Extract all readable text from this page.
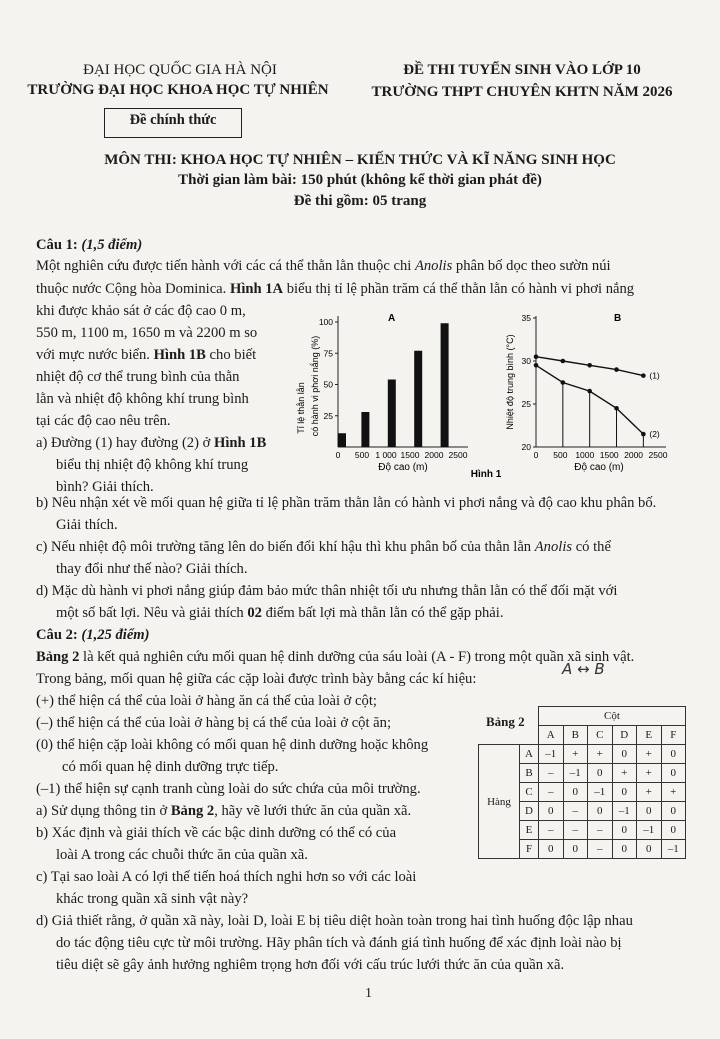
ĐẠI HỌC QUỐC GIA HÀ NỘI
TRƯỜNG ĐẠI HỌC KHOA HỌC TỰ NHIÊN
Đề chính thức
ĐỀ THI TUYỂN SINH VÀO LỚP 10
TRƯỜNG THPT CHUYÊN KHTN NĂM 2026
MÔN THI: KHOA HỌC TỰ NHIÊN – KIẾN THỨC VÀ KĨ NĂNG SINH HỌC
Thời gian làm bài: 150 phút (không kể thời gian phát đề)
Đề thi gồm: 05 trang
Câu 1: (1,5 điểm)
Một nghiên cứu được tiến hành với các cá thể thằn lằn thuộc chi Anolis phân bố dọc theo sườn núi
thuộc nước Cộng hòa Dominica. Hình 1A biểu thị tỉ lệ phần trăm cá thể thằn lằn có hành vi phơi nắng
khi được khảo sát ở các độ cao 0 m,
550 m, 1100 m, 1650 m và 2200 m so
với mực nước biển. Hình 1B cho biết
nhiệt độ cơ thể trung bình của thằn
lằn và nhiệt độ không khí trung bình
tại các độ cao nêu trên.
a) Đường (1) hay đường (2) ở Hình 1B
biểu thị nhiệt độ không khí trung
bình? Giải thích.
A
Tỉ lệ thằn lằn có hành vi phơi nắng (%)
Độ cao (m)
25
50
75
100
0 500 1 000 1500 2000 2500
B
Nhiệt độ trung bình (°C)
Độ cao (m)
20
25
30
35
0 500 1000 1500 2000 2500
(1)
(2)
Hình 1
b) Nêu nhận xét về mối quan hệ giữa tỉ lệ phần trăm thằn lằn có hành vi phơi nắng và độ cao khu phân bố.
Giải thích.
c) Nếu nhiệt độ môi trường tăng lên do biến đổi khí hậu thì khu phân bố của thằn lằn Anolis có thể
thay đổi như thế nào? Giải thích.
d) Mặc dù hành vi phơi nắng giúp đảm bảo mức thân nhiệt tối ưu nhưng thằn lằn có thể đối mặt với
một số bất lợi. Nêu và giải thích 02 điểm bất lợi mà thằn lằn có thể gặp phải.
Câu 2: (1,25 điểm)
Bảng 2 là kết quả nghiên cứu mối quan hệ dinh dưỡng của sáu loài (A - F) trong một quần xã sinh vật.
Trong bảng, mối quan hệ giữa các cặp loài được trình bày bằng các kí hiệu:
A ↔ B
(+) thể hiện cá thể của loài ở hàng ăn cá thể của loài ở cột;
(–) thể hiện cá thể của loài ở hàng bị cá thể của loài ở cột ăn;
(0) thể hiện cặp loài không có mối quan hệ dinh dưỡng hoặc không
có mối quan hệ dinh dưỡng trực tiếp.
(–1) thể hiện sự cạnh tranh cùng loài do sức chứa của môi trường.
a) Sử dụng thông tin ở Bảng 2, hãy vẽ lưới thức ăn của quần xã.
b) Xác định và giải thích về các bậc dinh dưỡng có thể có của
loài A trong các chuỗi thức ăn của quần xã.
c) Tại sao loài A có lợi thế tiến hoá thích nghi hơn so với các loài
khác trong quần xã sinh vật này?
d) Giả thiết rằng, ở quần xã này, loài D, loài E bị tiêu diệt hoàn toàn trong hai tình huống độc lập nhau
do tác động tiêu cực từ môi trường. Hãy phân tích và đánh giá tình huống để xác định loài nào bị
tiêu diệt sẽ gây ảnh hưởng nghiêm trọng hơn đối với cấu trúc lưới thức ăn của quần xã.
Bảng 2
		Cột					
		A	B	C	D	E	F
Hàng	A	–1	+	+	0	+	0
	B	–	–1	0	+	+	0
	C	–	0	–1	0	+	+
	D	0	–	0	–1	0	0
	E	–	–	–	0	–1	0
	F	0	0	–	0	0	–1
1
